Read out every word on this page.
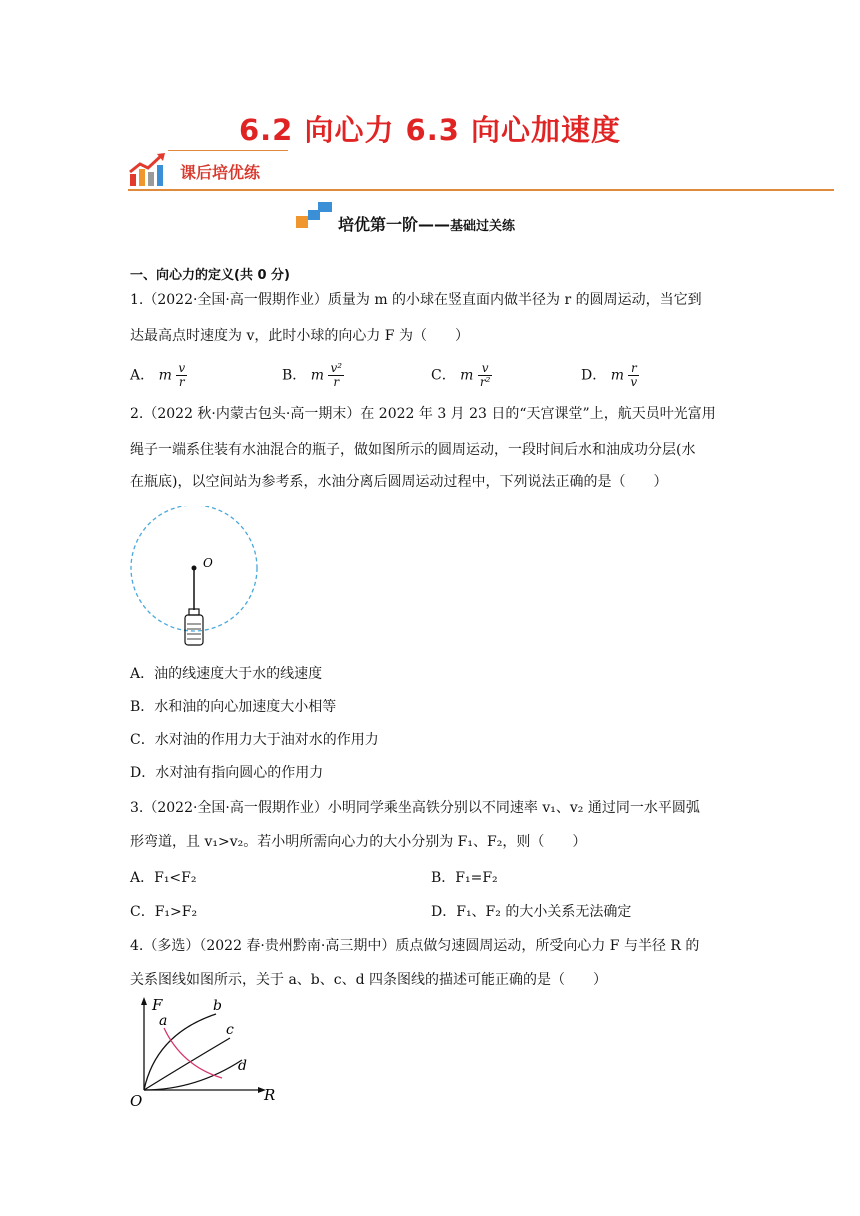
6.2 向心力 6.3 向心加速度
课后培优练
培优第一阶——基础过关练
一、向心力的定义(共 0 分)
1.（2022·全国·高一假期作业）质量为 m 的小球在竖直面内做半径为 r 的圆周运动，当它到
达最高点时速度为 v，此时小球的向心力 F 为（　　）
A． m $\frac{v}{r}$	B． m $\frac{\text{v²}}{r}$	C． m $\frac{v}{\text{r²}}$	D． m $\frac{r}{v}$
2.（2022 秋·内蒙古包头·高一期末）在 2022 年 3 月 23 日的“天宫课堂”上，航天员叶光富用
绳子一端系住装有水油混合的瓶子，做如图所示的圆周运动，一段时间后水和油成功分层(水
在瓶底)，以空间站为参考系，水油分离后圆周运动过程中，下列说法正确的是（　　）
O
A．油的线速度大于水的线速度
B．水和油的向心加速度大小相等
C．水对油的作用力大于油对水的作用力
D．水对油有指向圆心的作用力
3.（2022·全国·高一假期作业）小明同学乘坐高铁分别以不同速率 v₁、v₂ 通过同一水平圆弧
形弯道，且 v₁>v₂。若小明所需向心力的大小分别为 F₁、F₂，则（　　）
A．F₁<F₂	B．F₁=F₂
C．F₁>F₂	D．F₁、F₂ 的大小关系无法确定
4.（多选）（2022 春·贵州黔南·高三期中）质点做匀速圆周运动，所受向心力 F 与半径 R 的
关系图线如图所示，关于 a、b、c、d 四条图线的描述可能正确的是（　　）
F
R
O
a
b
c
d
